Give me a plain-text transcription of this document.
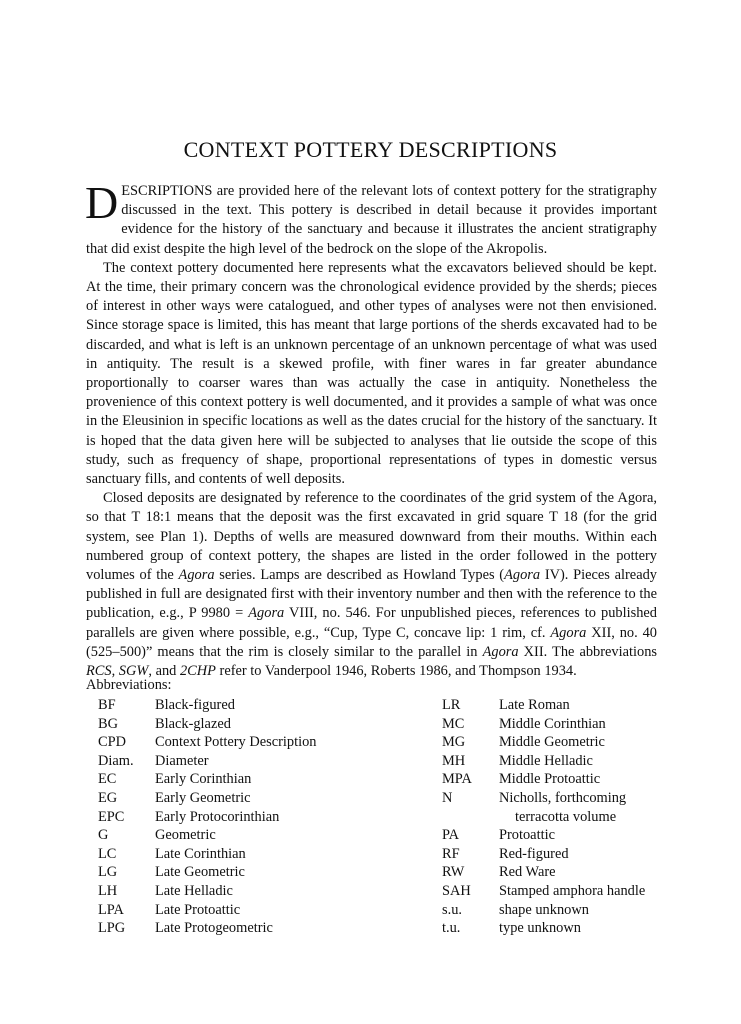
CONTEXT POTTERY DESCRIPTIONS

DESCRIPTIONS are provided here of the relevant lots of context pottery for the stratigraphy discussed in the text. This pottery is described in detail because it provides important evidence for the history of the sanctuary and because it illustrates the ancient stratigraphy that did exist despite the high level of the bedrock on the slope of the Akropolis.

The context pottery documented here represents what the excavators believed should be kept. At the time, their primary concern was the chronological evidence provided by the sherds; pieces of interest in other ways were catalogued, and other types of analyses were not then envisioned. Since storage space is limited, this has meant that large portions of the sherds excavated had to be discarded, and what is left is an unknown percentage of an unknown percentage of what was used in antiquity. The result is a skewed profile, with finer wares in far greater abundance proportionally to coarser wares than was actually the case in antiquity. Nonetheless the provenience of this context pottery is well documented, and it provides a sample of what was once in the Eleusinion in specific locations as well as the dates crucial for the history of the sanctuary. It is hoped that the data given here will be subjected to analyses that lie outside the scope of this study, such as frequency of shape, proportional representations of types in domestic versus sanctuary fills, and contents of well deposits.

Closed deposits are designated by reference to the coordinates of the grid system of the Agora, so that T 18:1 means that the deposit was the first excavated in grid square T 18 (for the grid system, see Plan 1). Depths of wells are measured downward from their mouths. Within each numbered group of context pottery, the shapes are listed in the order followed in the pottery volumes of the Agora series. Lamps are described as Howland Types (Agora IV). Pieces already published in full are designated first with their inventory number and then with the reference to the publication, e.g., P 9980 = Agora VIII, no. 546. For unpublished pieces, references to published parallels are given where possible, e.g., “Cup, Type C, concave lip: 1 rim, cf. Agora XII, no. 40 (525–500)” means that the rim is closely similar to the parallel in Agora XII. The abbreviations RCS, SGW, and 2CHP refer to Vanderpool 1946, Roberts 1986, and Thompson 1934.

Abbreviations:

BF	Black-figured
BG	Black-glazed
CPD	Context Pottery Description
Diam.	Diameter
EC	Early Corinthian
EG	Early Geometric
EPC	Early Protocorinthian
G	Geometric
LC	Late Corinthian
LG	Late Geometric
LH	Late Helladic
LPA	Late Protoattic
LPG	Late Protogeometric
LR	Late Roman
MC	Middle Corinthian
MG	Middle Geometric
MH	Middle Helladic
MPA	Middle Protoattic
N	Nicholls, forthcoming
terracotta volume
PA	Protoattic
RF	Red-figured
RW	Red Ware
SAH	Stamped amphora handle
s.u.	shape unknown
t.u.	type unknown
